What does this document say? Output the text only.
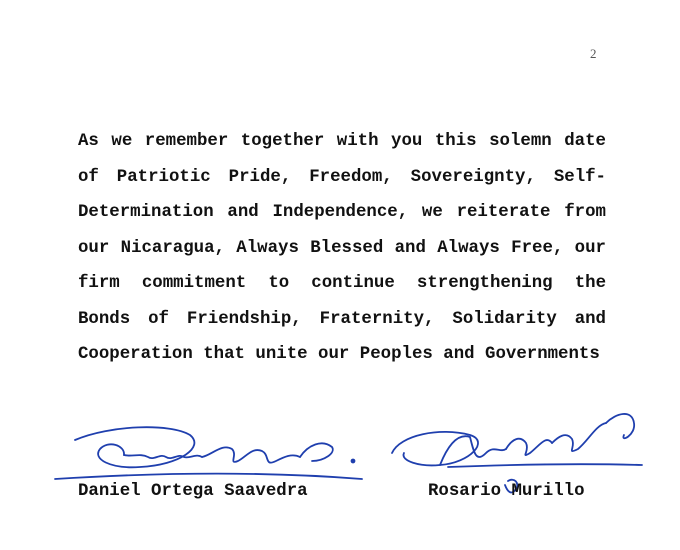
2

As we remember together with you this solemn date of Patriotic Pride, Freedom, Sovereignty, Self-Determination and Independence, we reiterate from our Nicaragua, Always Blessed and Always Free, our firm commitment to continue strengthening the Bonds of Friendship, Fraternity, Solidarity and Cooperation that unite our Peoples and Governments

Daniel Ortega Saavedra	Rosario Murillo
